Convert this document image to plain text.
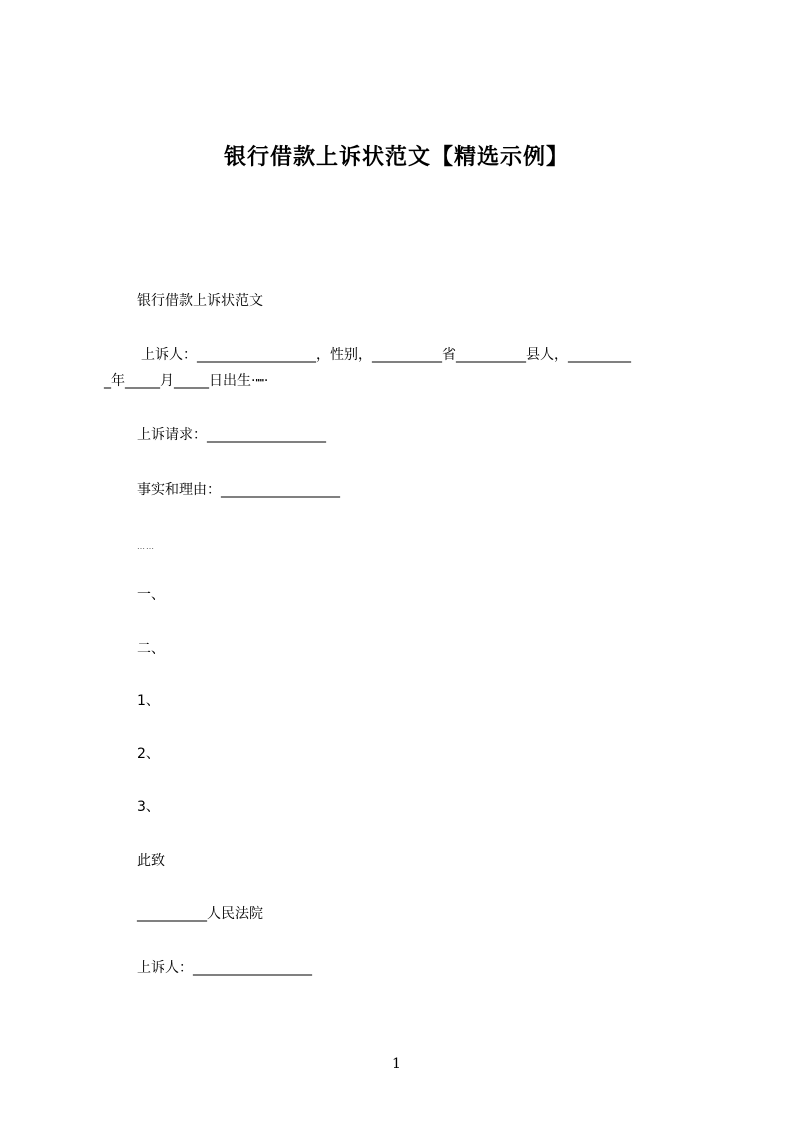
银行借款上诉状范文【精选示例】
银行借款上诉状范文
上诉人：_________________，性别，__________省__________县人，_________
_年_____月_____日出生·┉·
上诉请求：_________________
事实和理由：_________________
……
一、
二、
1、
2、
3、
此致
__________人民法院
上诉人：_________________
1
